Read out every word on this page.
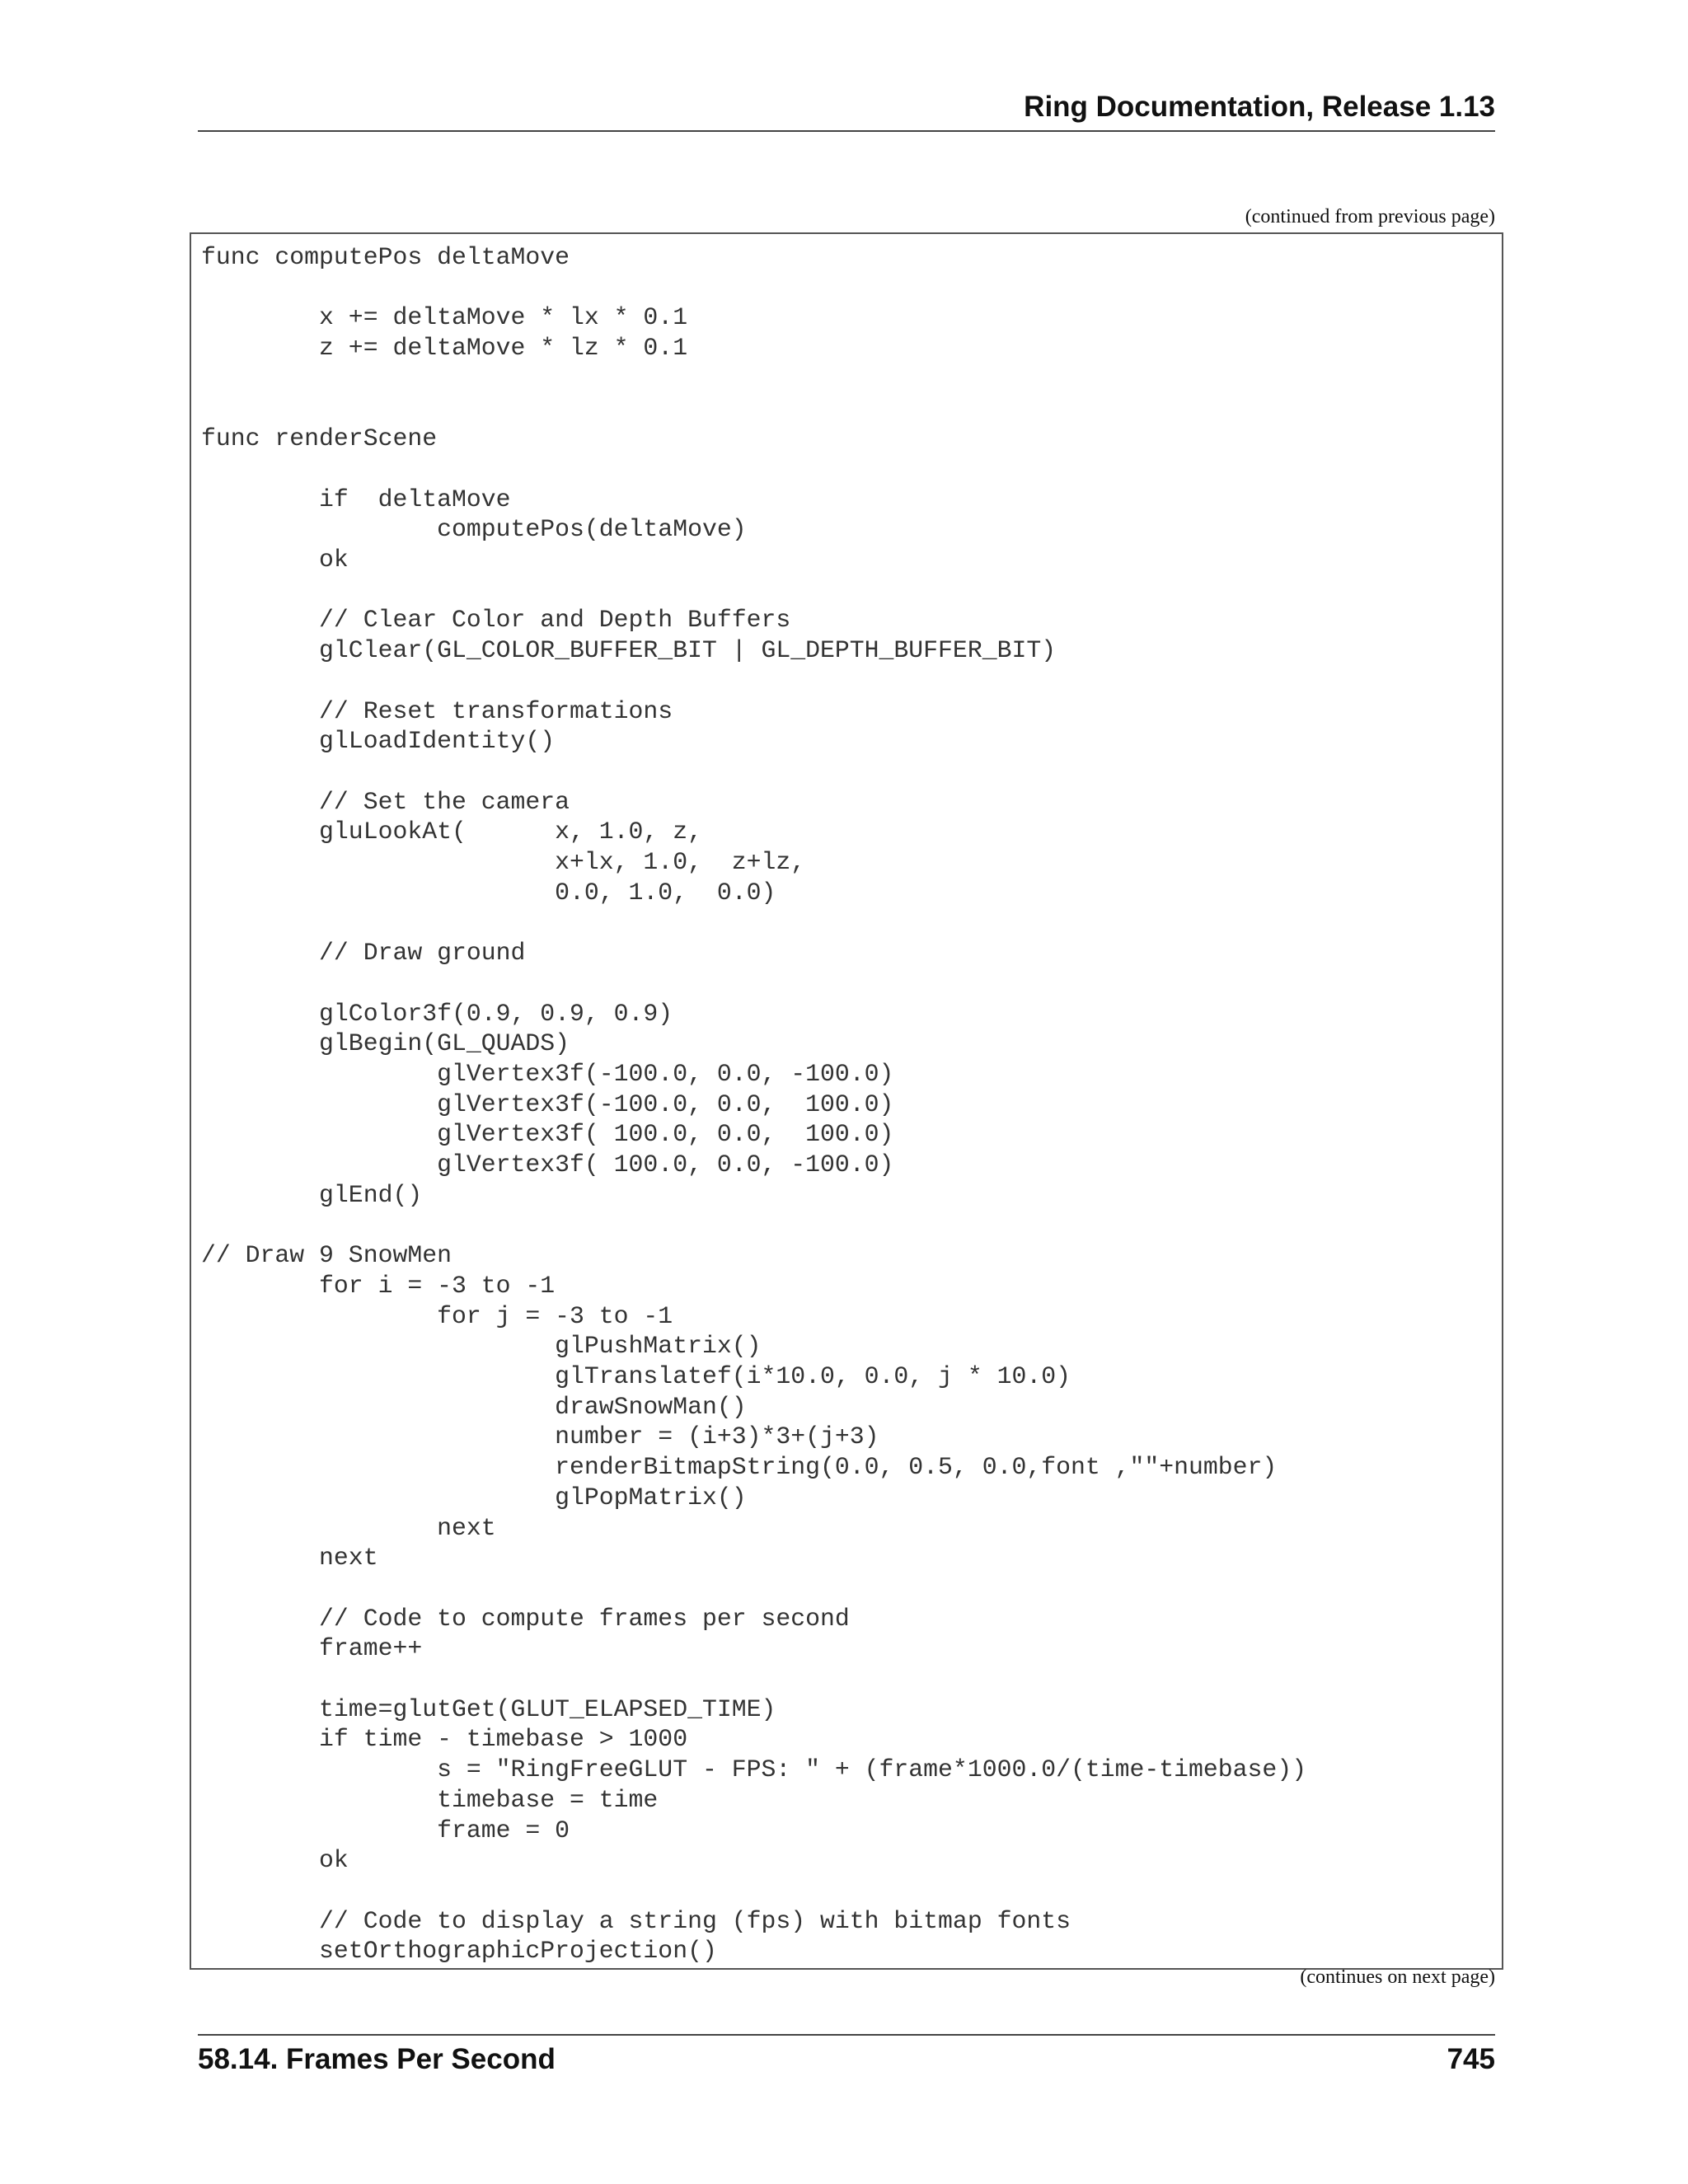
Ring Documentation, Release 1.13
(continued from previous page)
func computePos deltaMove

x += deltaMove * lx * 0.1
z += deltaMove * lz * 0.1

func renderScene

if  deltaMove
computePos(deltaMove)
ok

// Clear Color and Depth Buffers
glClear(GL_COLOR_BUFFER_BIT | GL_DEPTH_BUFFER_BIT)

// Reset transformations
glLoadIdentity()

// Set the camera
gluLookAt(      x, 1.0, z,
x+lx, 1.0,  z+lz,
0.0, 1.0,  0.0)

// Draw ground

glColor3f(0.9, 0.9, 0.9)
glBegin(GL_QUADS)
glVertex3f(-100.0, 0.0, -100.0)
glVertex3f(-100.0, 0.0,  100.0)
glVertex3f( 100.0, 0.0,  100.0)
glVertex3f( 100.0, 0.0, -100.0)
glEnd()

// Draw 9 SnowMen
for i = -3 to -1
for j = -3 to -1
glPushMatrix()
glTranslatef(i*10.0, 0.0, j * 10.0)
drawSnowMan()
number = (i+3)*3+(j+3)
renderBitmapString(0.0, 0.5, 0.0,font ,""+number)
glPopMatrix()
next
next

// Code to compute frames per second
frame++

time=glutGet(GLUT_ELAPSED_TIME)
if time - timebase > 1000
s = "RingFreeGLUT - FPS: " + (frame*1000.0/(time-timebase))
timebase = time
frame = 0
ok

// Code to display a string (fps) with bitmap fonts
setOrthographicProjection()
(continues on next page)
58.14. Frames Per Second	745
